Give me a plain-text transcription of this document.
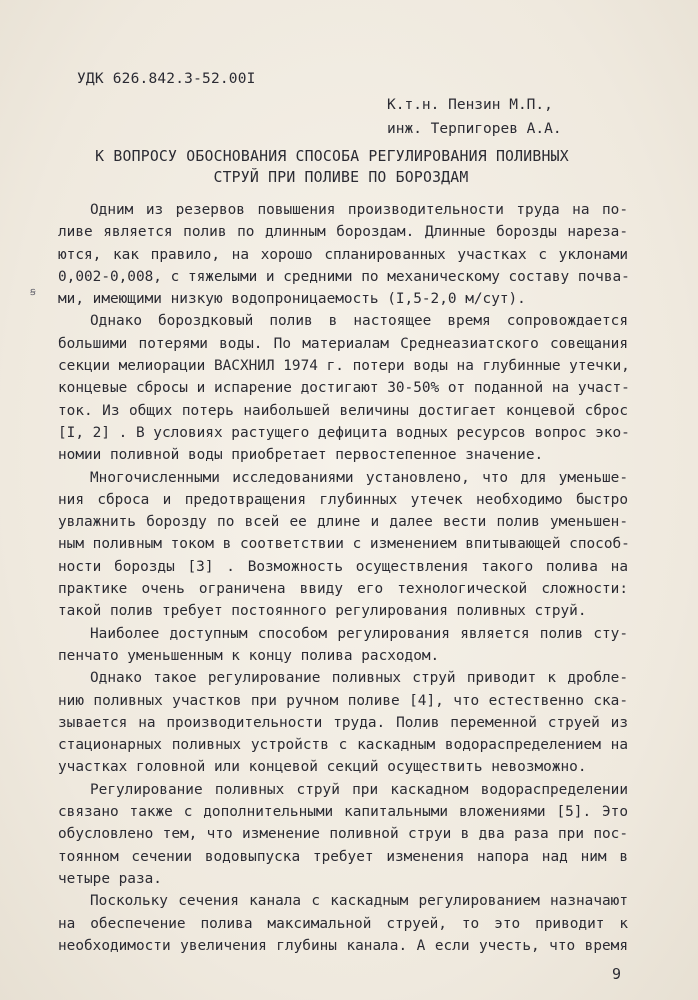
УДК 626.842.3-52.00I
К.т.н. Пензин М.П.,
инж. Терпигорев А.А.
К ВОПРОСУ ОБОСНОВАНИЯ СПОСОБА РЕГУЛИРОВАНИЯ ПОЛИВНЫХ
СТРУЙ ПРИ ПОЛИВЕ ПО БОРОЗДАМ
ꞩ
Одним из резервов повышения производительности труда на по-
ливе является полив по длинным бороздам. Длинные борозды нареза-
ются, как правило, на хорошо спланированных участках с уклонами
0,002-0,008, с тяжелыми и средними по механическому составу почва-
ми, имеющими низкую водопроницаемость (I,5-2,0 м/сут).
Однако бороздковый полив в настоящее время сопровождается
большими потерями воды. По материалам Среднеазиатского совещания
секции мелиорации ВАСХНИЛ 1974 г. потери воды на глубинные утечки,
концевые сбросы и испарение достигают 30-50% от поданной на участ-
ток. Из общих потерь наибольшей величины достигает концевой сброс
[I, 2] . В условиях растущего дефицита водных ресурсов вопрос эко-
номии поливной воды приобретает первостепенное значение.
Многочисленными исследованиями установлено, что для уменьше-
ния сброса и предотвращения глубинных утечек необходимо быстро
увлажнить борозду по всей ее длине и далее вести полив уменьшен-
ным поливным током в соответствии с изменением впитывающей способ-
ности борозды [3] . Возможность осуществления такого полива на
практике очень ограничена ввиду его технологической сложности:
такой полив требует постоянного регулирования поливных струй.
Наиболее доступным способом регулирования является полив сту-
пенчато уменьшенным к концу полива расходом.
Однако такое регулирование поливных струй приводит к дробле-
нию поливных участков при ручном поливе [4], что естественно ска-
зывается на производительности труда. Полив переменной струей из
стационарных поливных устройств с каскадным водораспределением на
участках головной или концевой секций осуществить невозможно.
Регулирование поливных струй при каскадном водораспределении
связано также с дополнительными капитальными вложениями [5]. Это
обусловлено тем, что изменение поливной струи в два раза при пос-
тоянном сечении водовыпуска требует изменения напора над ним в
четыре раза.
Поскольку сечения канала с каскадным регулированием назначают
на обеспечение полива максимальной струей, то это приводит к
необходимости увеличения глубины канала. А если учесть, что время
9
